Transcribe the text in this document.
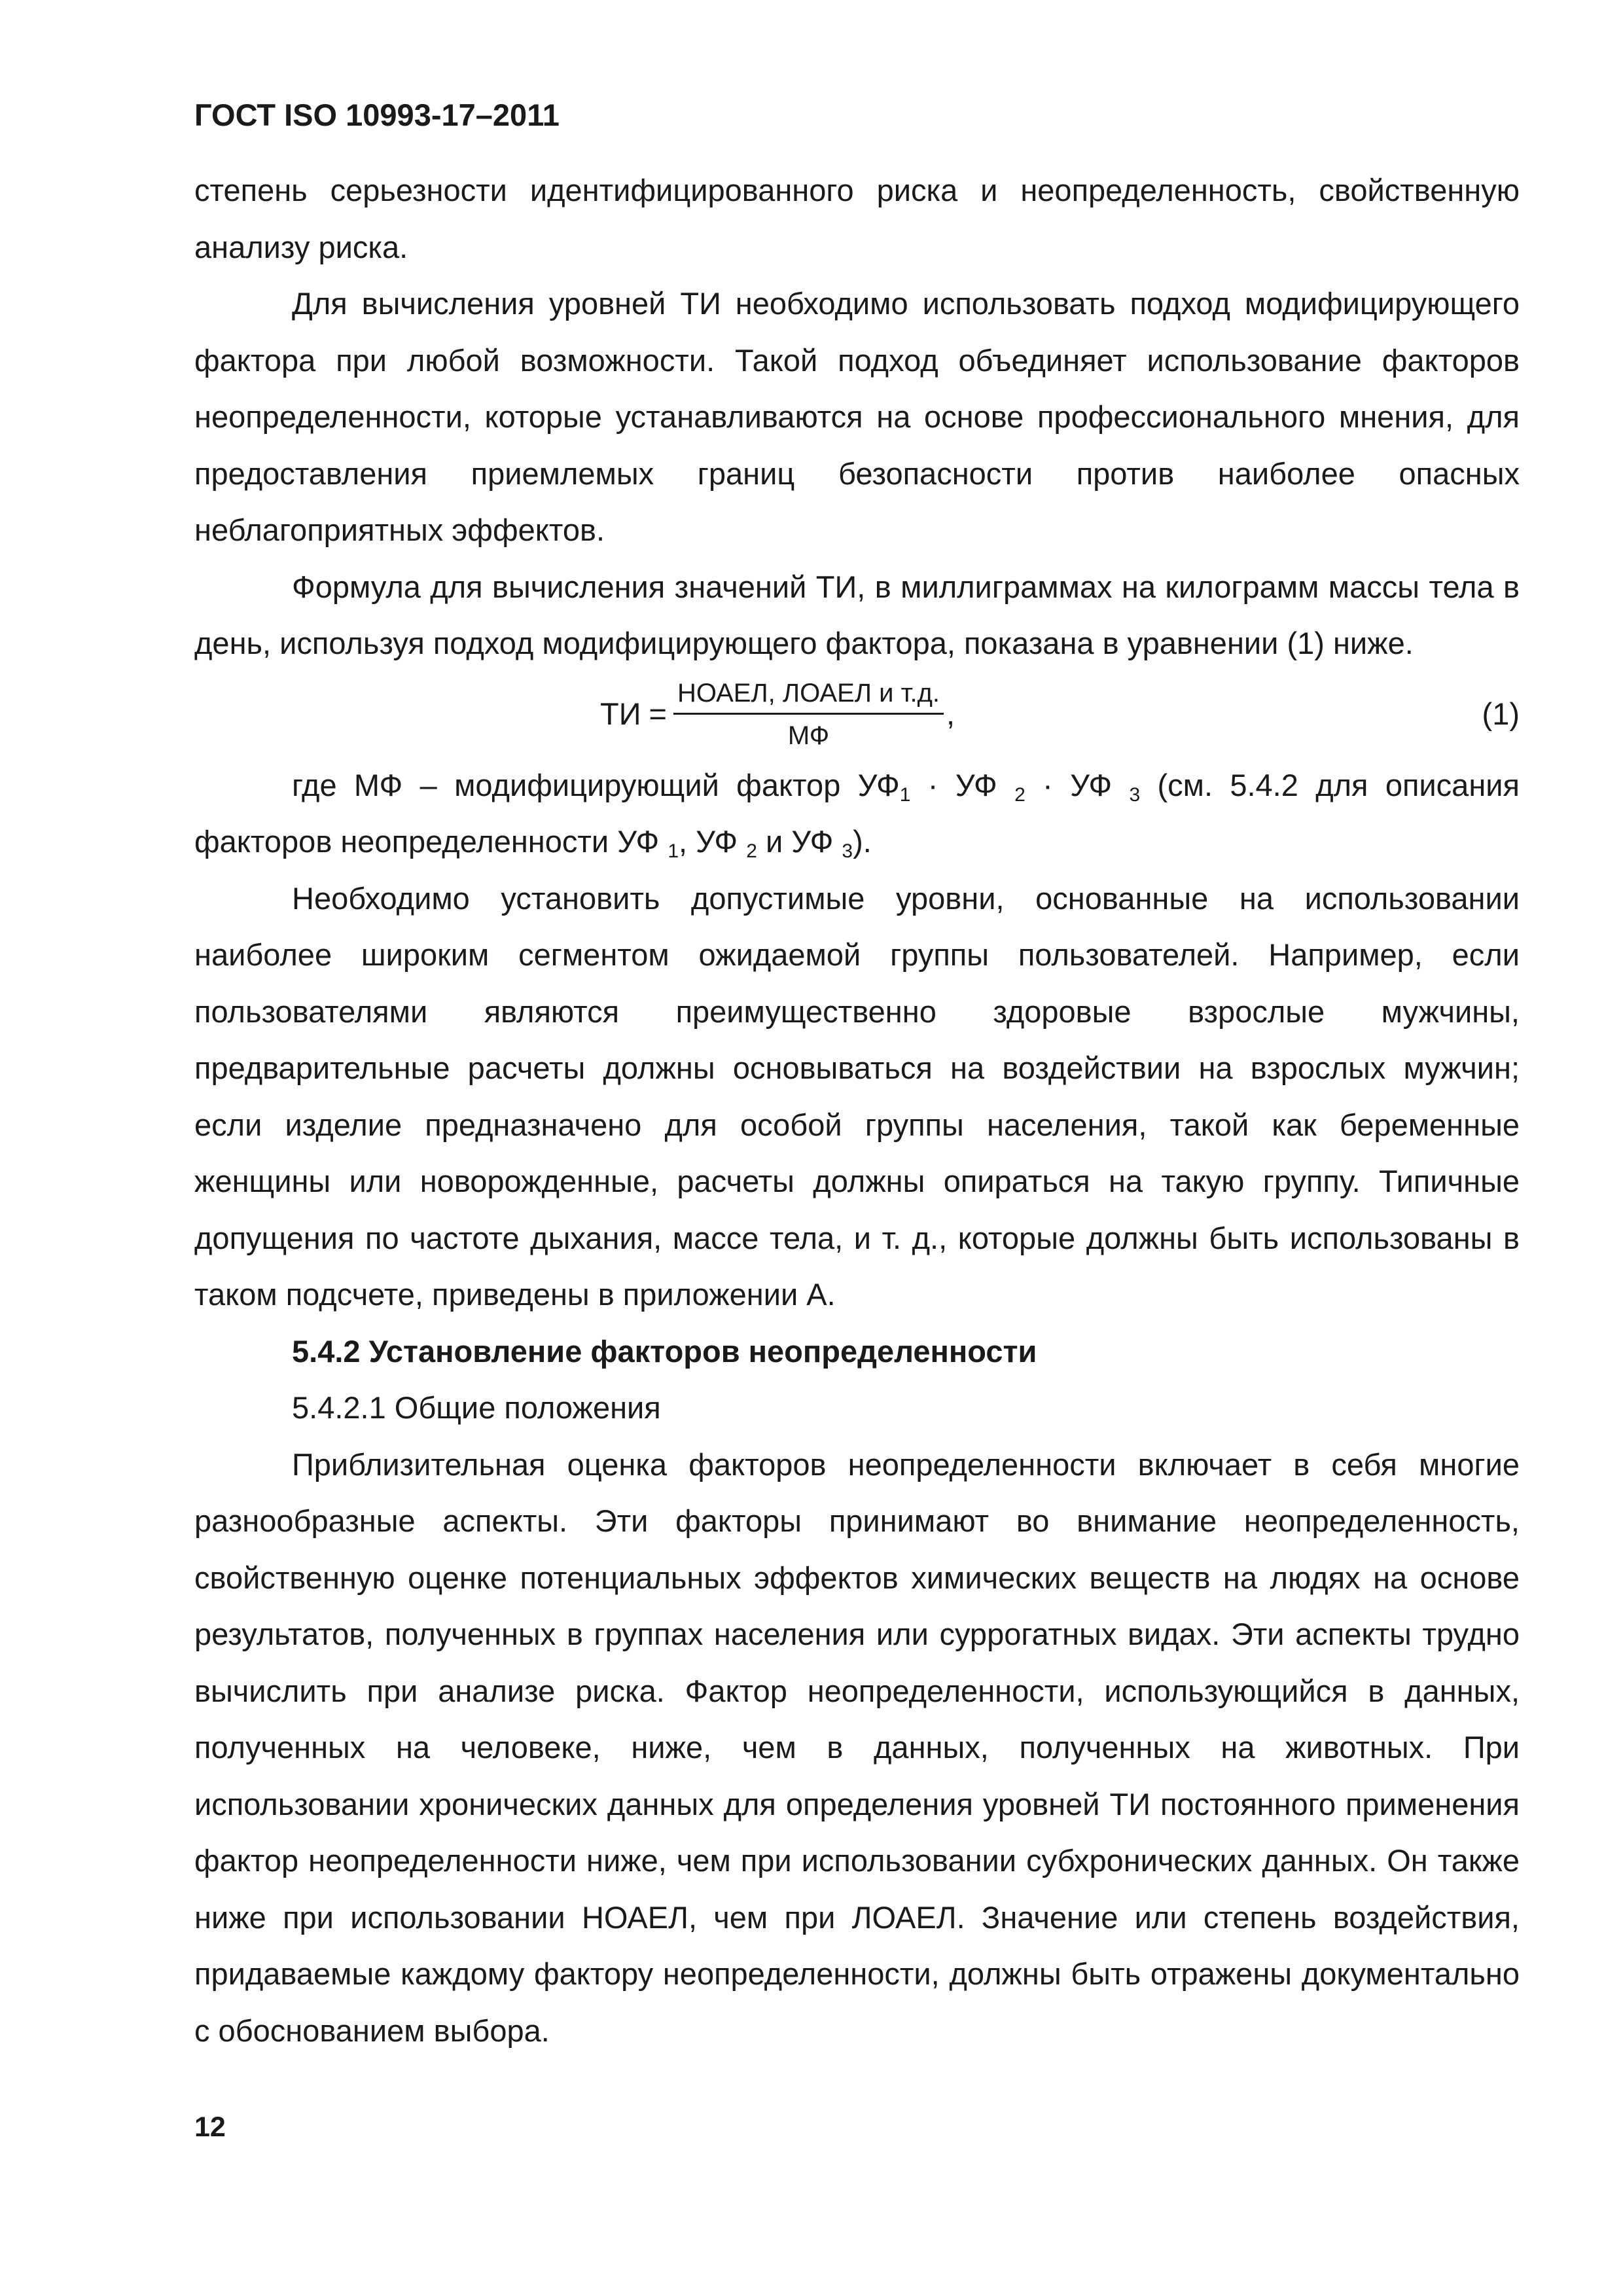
ГОСТ ISO 10993-17–2011

степень серьезности идентифицированного риска и неопределенность, свойственную анализу риска.

Для вычисления уровней ТИ необходимо использовать подход модифицирующего фактора при любой возможности. Такой подход объединяет использование факторов неопределенности, которые устанавливаются на основе профессионального мнения, для предоставления приемлемых границ безопасности против наиболее опасных неблагоприятных эффектов.

Формула для вычисления значений ТИ, в миллиграммах на килограмм массы тела в день, используя подход модифицирующего фактора, показана в уравнении (1) ниже.

ТИ = $\frac{\text{НОАЕЛ, ЛОАЕЛ и т.д.}}{МФ}$ ,	(1)

где МФ – модифицирующий фактор $УФ_1$ · УФ $_2$ · УФ $_3$ (см. 5.4.2 для описания факторов неопределенности УФ $_1$, УФ $_2$ и УФ $_3$).

Необходимо установить допустимые уровни, основанные на использовании наиболее широким сегментом ожидаемой группы пользователей. Например, если пользователями являются преимущественно здоровые взрослые мужчины, предварительные расчеты должны основываться на воздействии на взрослых мужчин; если изделие предназначено для особой группы населения, такой как беременные женщины или новорожденные, расчеты должны опираться на такую группу. Типичные допущения по частоте дыхания, массе тела, и т. д., которые должны быть использованы в таком подсчете, приведены в приложении А.

5.4.2 Установление факторов неопределенности

5.4.2.1 Общие положения

Приблизительная оценка факторов неопределенности включает в себя многие разнообразные аспекты. Эти факторы принимают во внимание неопределенность, свойственную оценке потенциальных эффектов химических веществ на людях на основе результатов, полученных в группах населения или суррогатных видах. Эти аспекты трудно вычислить при анализе риска. Фактор неопределенности, использующийся в данных, полученных на человеке, ниже, чем в данных, полученных на животных. При использовании хронических данных для определения уровней ТИ постоянного применения фактор неопределенности ниже, чем при использовании субхронических данных. Он также ниже при использовании НОАЕЛ, чем при ЛОАЕЛ. Значение или степень воздействия, придаваемые каждому фактору неопределенности, должны быть отражены документально с обоснованием выбора.

12
